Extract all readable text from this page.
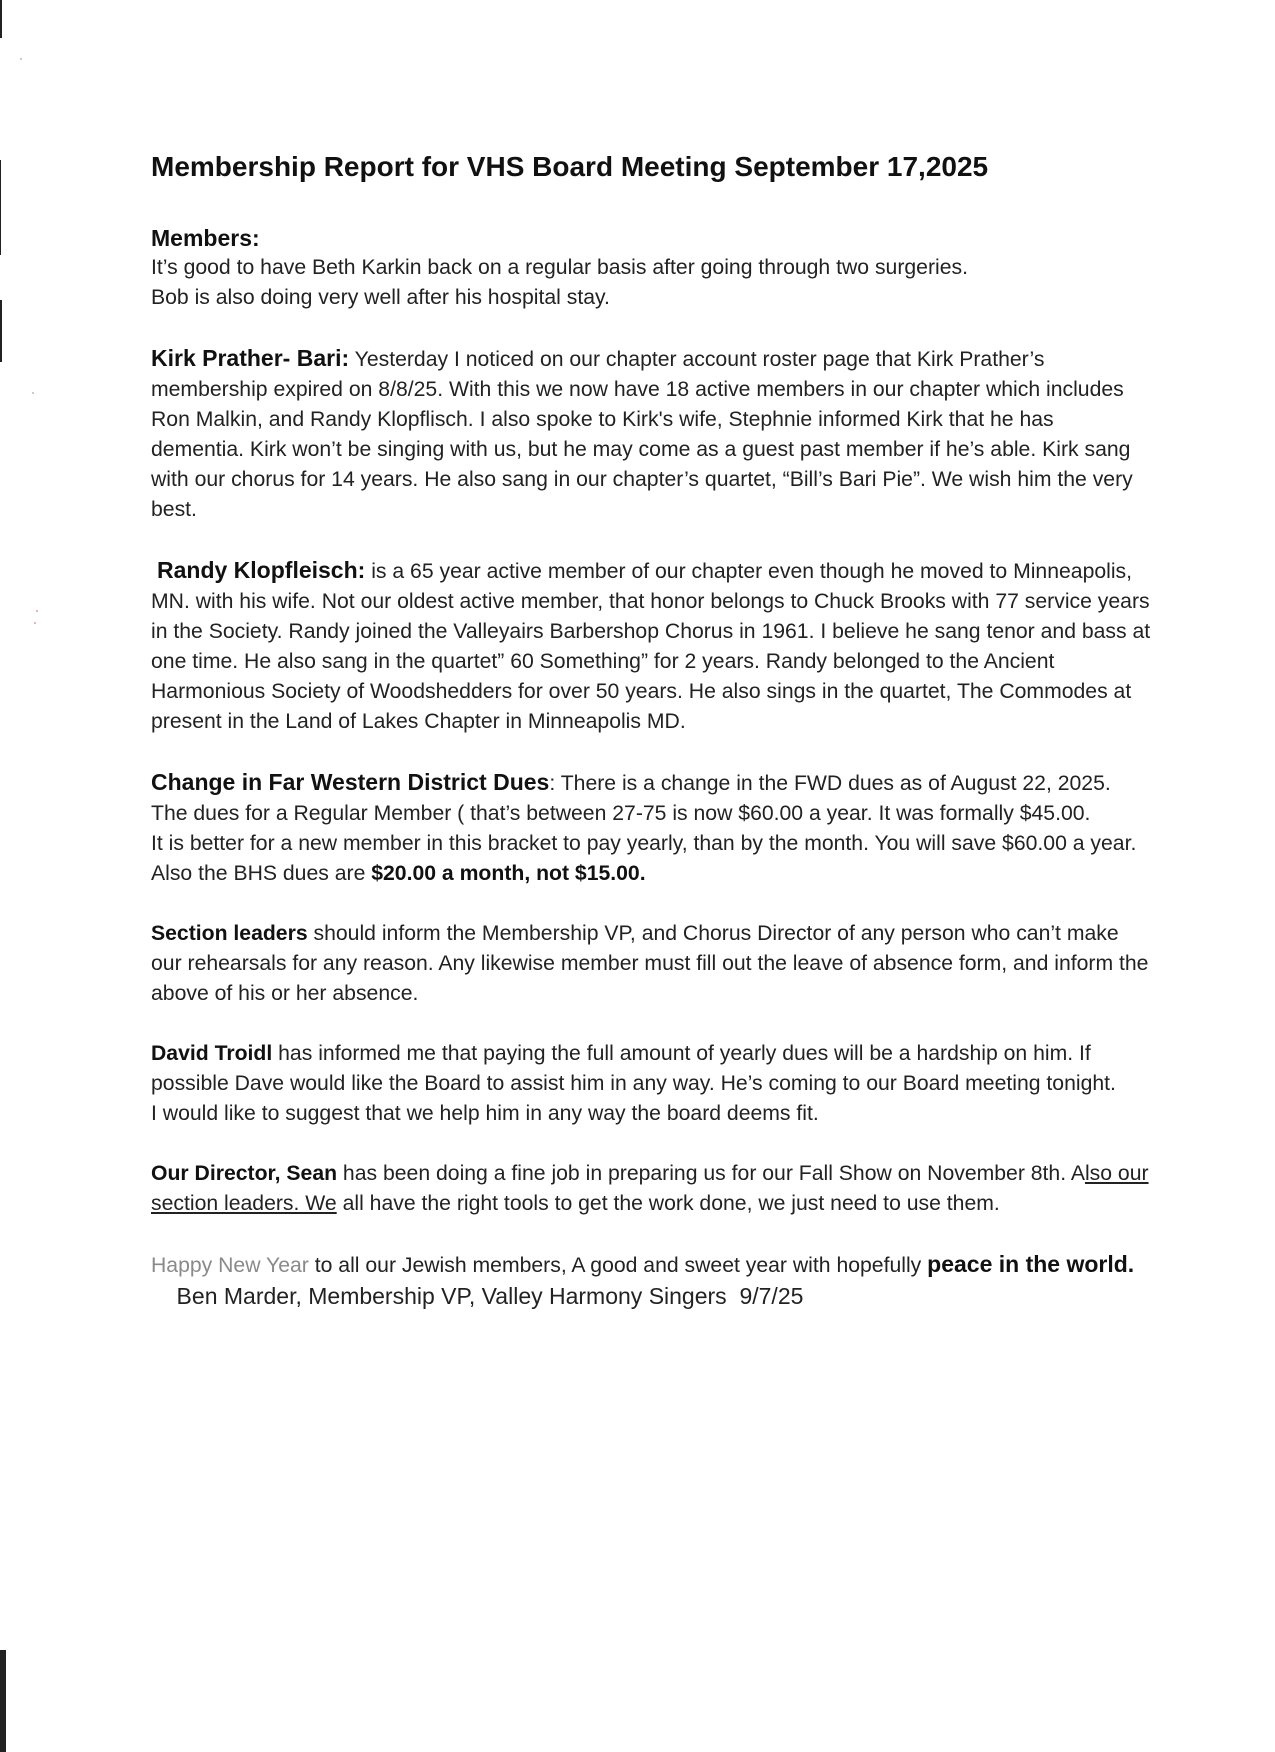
Membership Report for VHS Board Meeting September 17,2025
Members:

It’s good to have Beth Karkin back on a regular basis after going through two surgeries.

Bob is also doing very well after his hospital stay.

Kirk Prather- Bari: Yesterday I noticed on our chapter account roster page that Kirk Prather’s membership expired on 8/8/25. With this we now have 18 active members in our chapter which includes Ron Malkin, and Randy Klopflisch. I also spoke to Kirk's wife, Stephnie informed Kirk that he has dementia. Kirk won’t be singing with us, but he may come as a guest past member if he’s able. Kirk sang with our chorus for 14 years. He also sang in our chapter’s quartet, “Bill’s Bari Pie”. We wish him the very best.

Randy Klopfleisch: is a 65 year active member of our chapter even though he moved to Minneapolis, MN. with his wife. Not our oldest active member, that honor belongs to Chuck Brooks with 77 service years in the Society. Randy joined the Valleyairs Barbershop Chorus in 1961. I believe he sang tenor and bass at one time. He also sang in the quartet” 60 Something” for 2 years. Randy belonged to the Ancient Harmonious Society of Woodshedders for over 50 years. He also sings in the quartet, The Commodes at present in the Land of Lakes Chapter in Minneapolis MD.

Change in Far Western District Dues: There is a change in the FWD dues as of August 22, 2025. The dues for a Regular Member ( that’s between 27-75 is now $60.00 a year. It was formally $45.00.

It is better for a new member in this bracket to pay yearly, than by the month. You will save $60.00 a year. Also the BHS dues are $20.00 a month, not $15.00.

Section leaders should inform the Membership VP, and Chorus Director of any person who can’t make our rehearsals for any reason. Any likewise member must fill out the leave of absence form, and inform the above of his or her absence.

David Troidl has informed me that paying the full amount of yearly dues will be a hardship on him. If possible Dave would like the Board to assist him in any way. He’s coming to our Board meeting tonight.

I would like to suggest that we help him in any way the board deems fit.

Our Director, Sean has been doing a fine job in preparing us for our Fall Show on November 8th. Also our section leaders. We all have the right tools to get the work done, we just need to use them.

Happy New Year to all our Jewish members, A good and sweet year with hopefully peace in the world.    Ben Marder, Membership VP, Valley Harmony Singers  9/7/25
